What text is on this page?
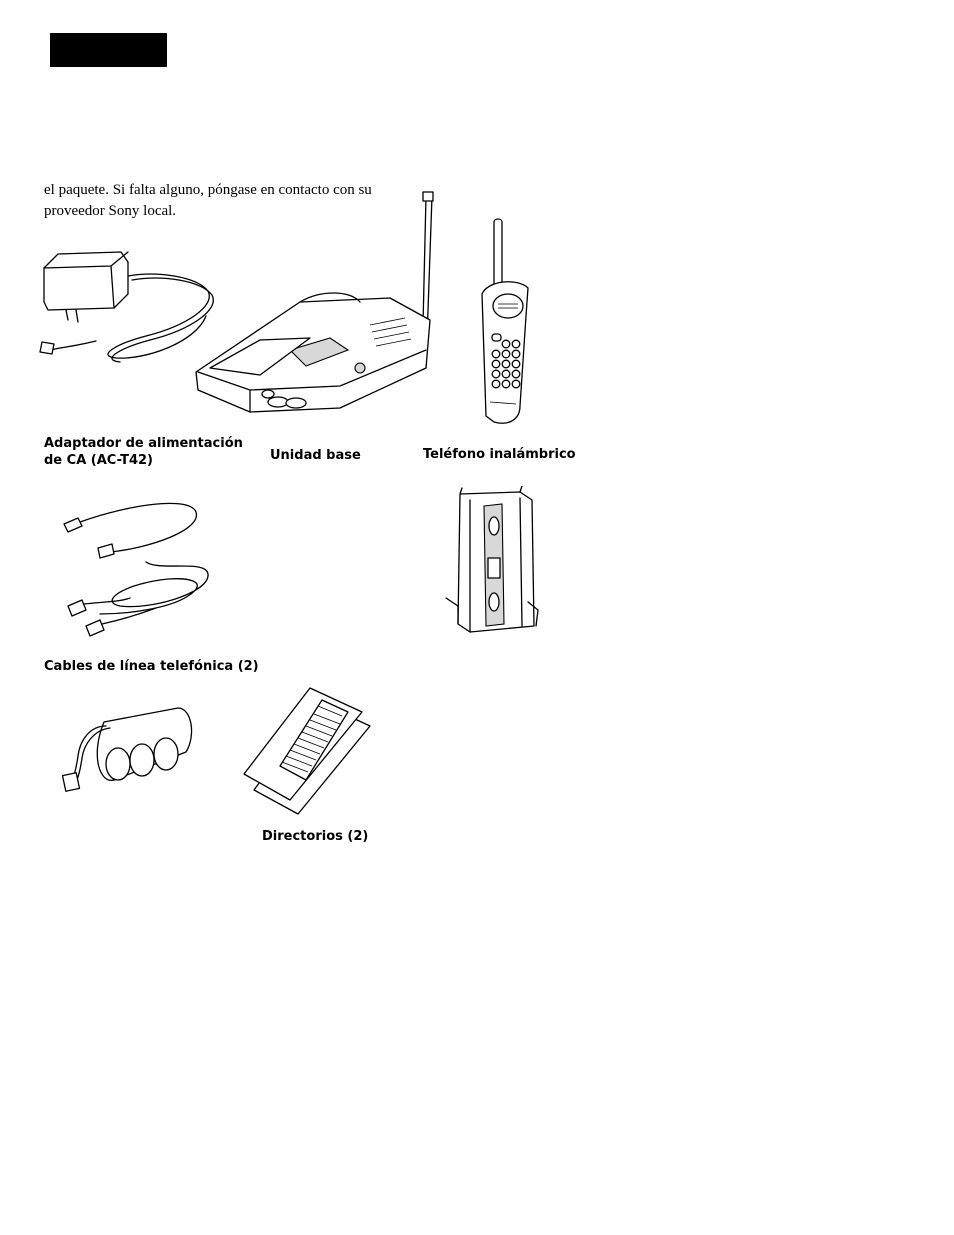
el paquete. Si falta alguno, póngase en contacto con su
proveedor Sony local.
Adaptador de alimentación
de CA (AC-T42)	Unidad base	Teléfono inalámbrico
Cables de línea telefónica (2)
Directorios (2)
